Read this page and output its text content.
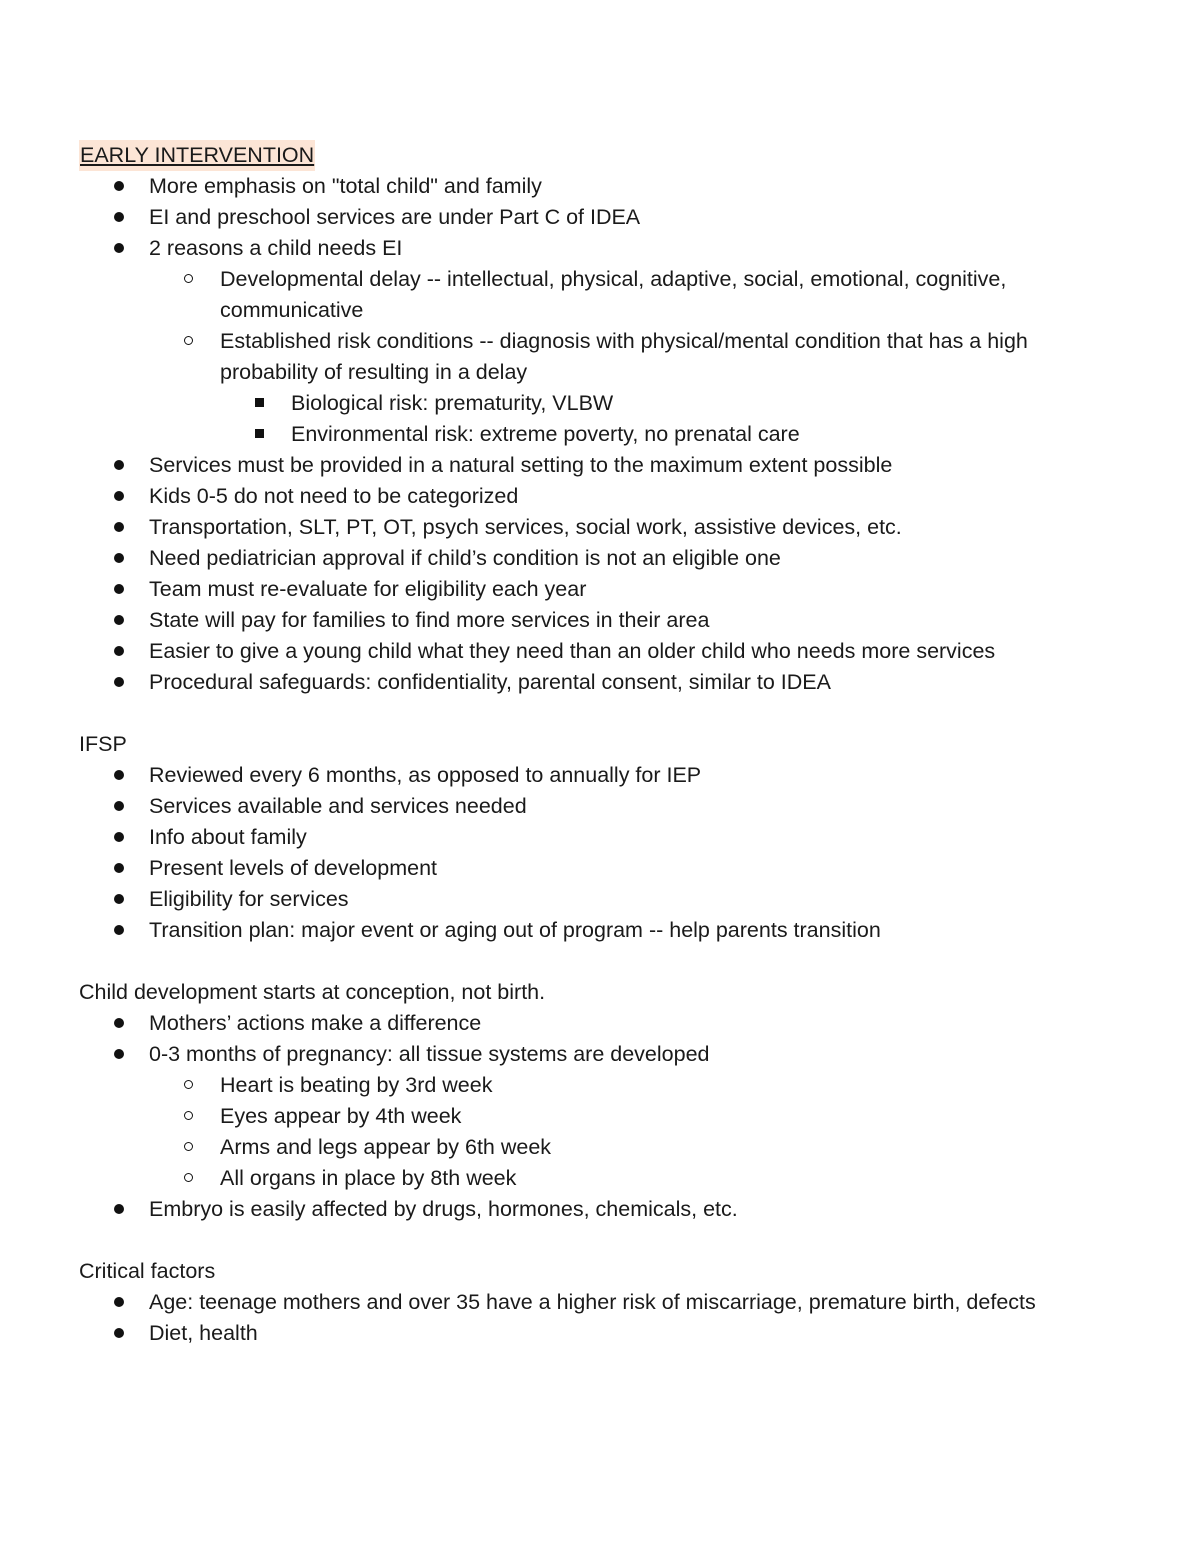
EARLY INTERVENTION
More emphasis on "total child" and family
EI and preschool services are under Part C of IDEA
2 reasons a child needs EI
Developmental delay -- intellectual, physical, adaptive, social, emotional, cognitive, communicative
Established risk conditions -- diagnosis with physical/mental condition that has a high probability of resulting in a delay
Biological risk: prematurity, VLBW
Environmental risk: extreme poverty, no prenatal care
Services must be provided in a natural setting to the maximum extent possible
Kids 0-5 do not need to be categorized
Transportation, SLT, PT, OT, psych services, social work, assistive devices, etc.
Need pediatrician approval if child’s condition is not an eligible one
Team must re-evaluate for eligibility each year
State will pay for families to find more services in their area
Easier to give a young child what they need than an older child who needs more services
Procedural safeguards: confidentiality, parental consent, similar to IDEA

IFSP

Reviewed every 6 months, as opposed to annually for IEP
Services available and services needed
Info about family
Present levels of development
Eligibility for services
Transition plan: major event or aging out of program -- help parents transition

Child development starts at conception, not birth.

Mothers’ actions make a difference
0-3 months of pregnancy: all tissue systems are developed
Heart is beating by 3rd week
Eyes appear by 4th week
Arms and legs appear by 6th week
All organs in place by 8th week
Embryo is easily affected by drugs, hormones, chemicals, etc.

Critical factors

Age: teenage mothers and over 35 have a higher risk of miscarriage, premature birth, defects
Diet, health
